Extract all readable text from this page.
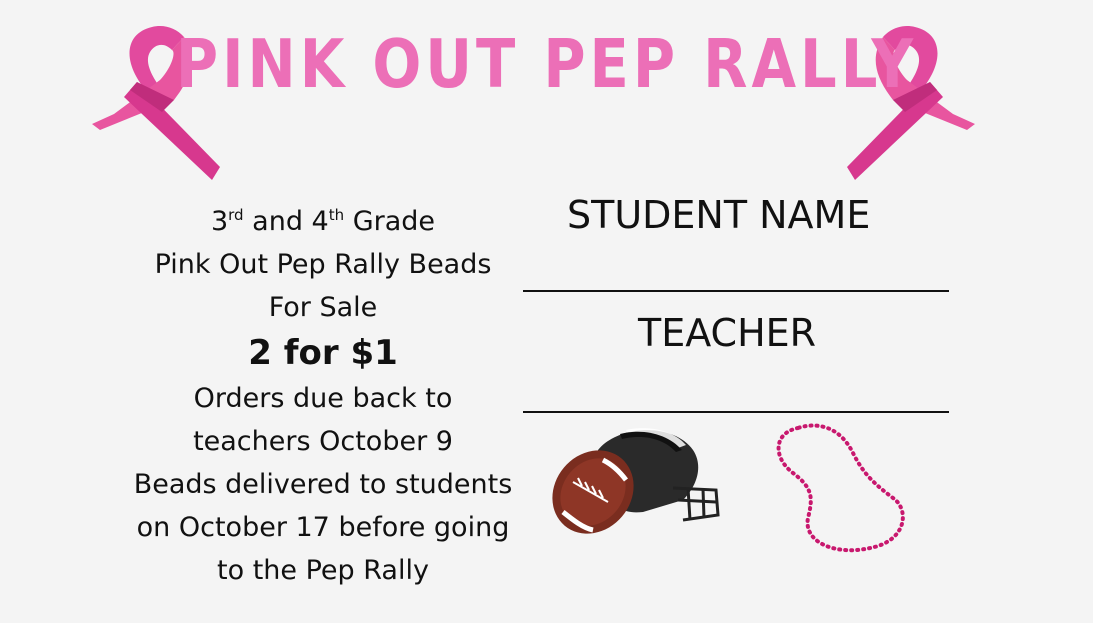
PINK OUT PEP RALLY
3rd and 4th Grade
Pink Out Pep Rally Beads
For Sale
2 for $1
Orders due back to
teachers October 9
Beads delivered to students
on October 17 before going
to the Pep Rally
STUDENT NAME
TEACHER
